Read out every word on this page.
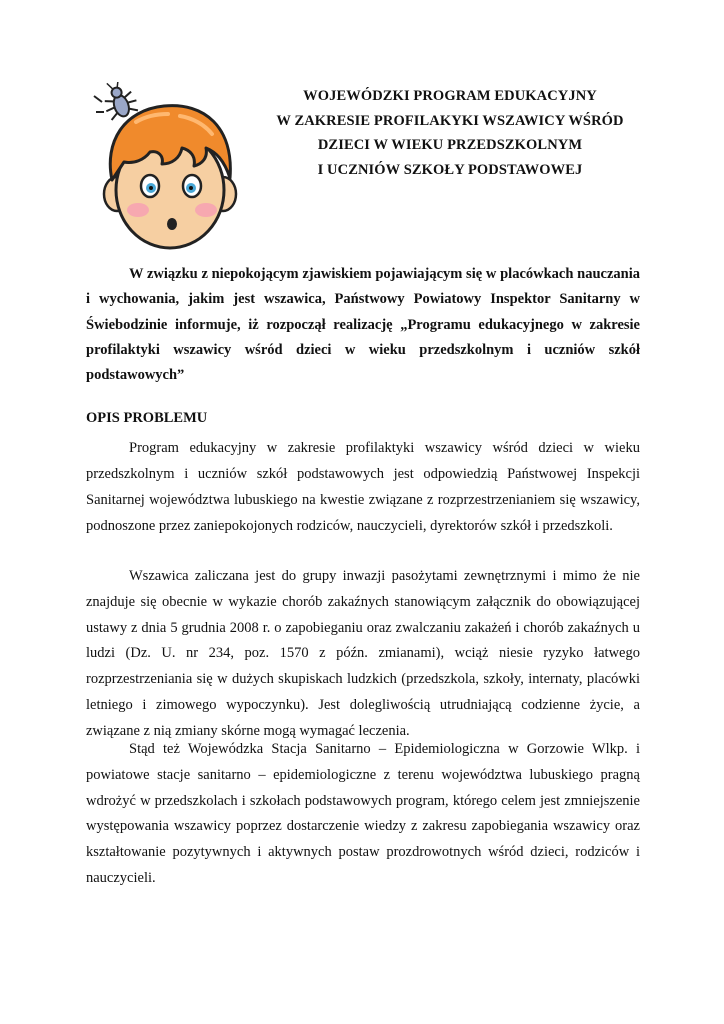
WOJEWÓDZKI PROGRAM EDUKACYJNY
W ZAKRESIE PROFILAKYKI WSZAWICY WŚRÓD
DZIECI W WIEKU PRZEDSZKOLNYM
I UCZNIÓW SZKOŁY PODSTAWOWEJ

W związku z niepokojącym zjawiskiem pojawiającym się w placówkach nauczania i wychowania, jakim jest wszawica, Państwowy Powiatowy Inspektor Sanitarny w Świebodzinie informuje, iż rozpoczął realizację „Programu edukacyjnego w zakresie profilaktyki wszawicy wśród dzieci w wieku przedszkolnym i uczniów szkół podstawowych”

OPIS PROBLEMU

Program edukacyjny w zakresie profilaktyki wszawicy wśród dzieci w wieku przedszkolnym i uczniów szkół podstawowych jest odpowiedzią Państwowej Inspekcji Sanitarnej województwa lubuskiego na kwestie związane z rozprzestrzenianiem się wszawicy, podnoszone przez zaniepokojonych rodziców, nauczycieli, dyrektorów szkół i przedszkoli.

Wszawica zaliczana jest do grupy inwazji pasożytami zewnętrznymi i mimo że nie znajduje się obecnie w wykazie chorób zakaźnych stanowiącym załącznik do obowiązującej ustawy z dnia 5 grudnia 2008 r. o zapobieganiu oraz zwalczaniu zakażeń i chorób zakaźnych u ludzi (Dz. U. nr 234, poz. 1570 z późn. zmianami), wciąż niesie ryzyko łatwego rozprzestrzeniania się w dużych skupiskach ludzkich (przedszkola, szkoły, internaty, placówki letniego i zimowego wypoczynku). Jest dolegliwością utrudniającą codzienne życie, a związane z nią zmiany skórne mogą wymagać leczenia.

Stąd też Wojewódzka Stacja Sanitarno – Epidemiologiczna w Gorzowie Wlkp. i powiatowe stacje sanitarno – epidemiologiczne z terenu województwa lubuskiego pragną wdrożyć w przedszkolach i szkołach podstawowych program, którego celem jest zmniejszenie występowania wszawicy poprzez dostarczenie wiedzy z zakresu zapobiegania wszawicy oraz kształtowanie pozytywnych i aktywnych postaw prozdrowotnych wśród dzieci, rodziców i nauczycieli.
